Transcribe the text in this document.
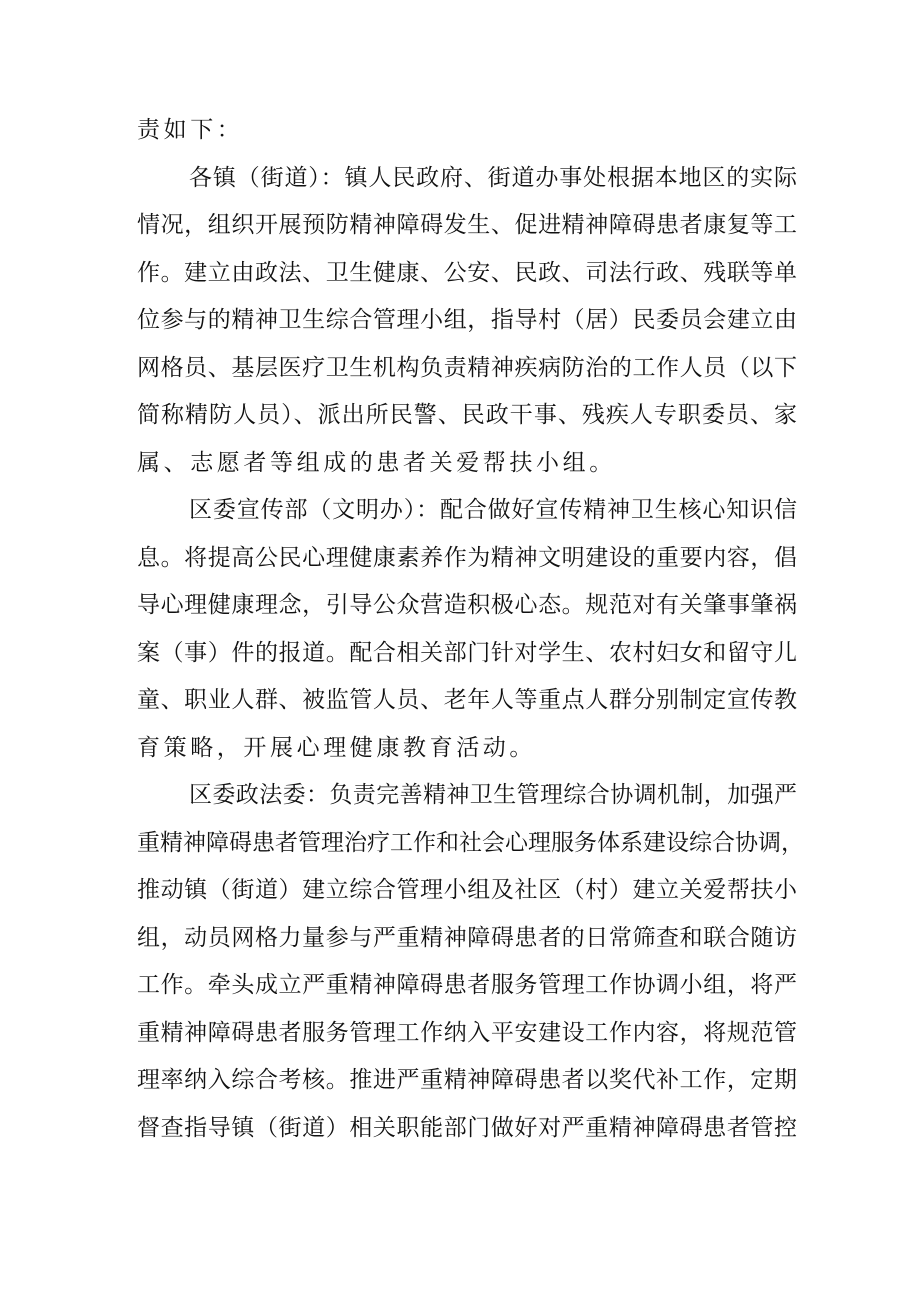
责如下：
各镇（街道）：镇人民政府、街道办事处根据本地区的实际
情况，组织开展预防精神障碍发生、促进精神障碍患者康复等工
作。建立由政法、卫生健康、公安、民政、司法行政、残联等单
位参与的精神卫生综合管理小组，指导村（居）民委员会建立由
网格员、基层医疗卫生机构负责精神疾病防治的工作人员（以下
简称精防人员）、派出所民警、民政干事、残疾人专职委员、家
属、志愿者等组成的患者关爱帮扶小组。
区委宣传部（文明办）：配合做好宣传精神卫生核心知识信
息。将提高公民心理健康素养作为精神文明建设的重要内容，倡
导心理健康理念，引导公众营造积极心态。规范对有关肇事肇祸
案（事）件的报道。配合相关部门针对学生、农村妇女和留守儿
童、职业人群、被监管人员、老年人等重点人群分别制定宣传教
育策略，开展心理健康教育活动。
区委政法委：负责完善精神卫生管理综合协调机制，加强严
重精神障碍患者管理治疗工作和社会心理服务体系建设综合协调，
推动镇（街道）建立综合管理小组及社区（村）建立关爱帮扶小
组，动员网格力量参与严重精神障碍患者的日常筛查和联合随访
工作。牵头成立严重精神障碍患者服务管理工作协调小组，将严
重精神障碍患者服务管理工作纳入平安建设工作内容，将规范管
理率纳入综合考核。推进严重精神障碍患者以奖代补工作，定期
督查指导镇（街道）相关职能部门做好对严重精神障碍患者管控
